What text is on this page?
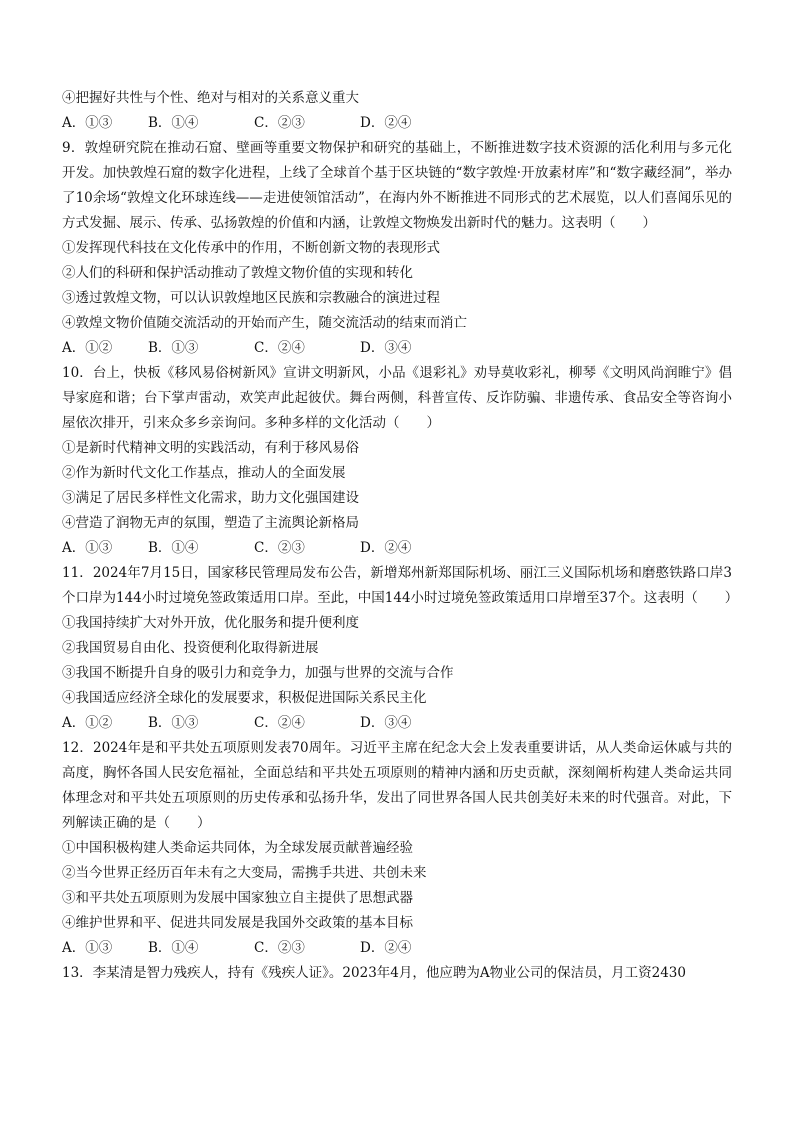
④把握好共性与个性、绝对与相对的关系意义重大
A．①③	B．①④	C．②③	D．②④
9．敦煌研究院在推动石窟、壁画等重要文物保护和研究的基础上，不断推进数字技术资源的活化利用与多元化开发。加快敦煌石窟的数字化进程，上线了全球首个基于区块链的“数字敦煌·开放素材库”和“数字藏经洞”，举办了10余场“敦煌文化环球连线——走进使领馆活动”，在海内外不断推进不同形式的艺术展览，以人们喜闻乐见的方式发掘、展示、传承、弘扬敦煌的价值和内涵，让敦煌文物焕发出新时代的魅力。这表明（　　）
①发挥现代科技在文化传承中的作用，不断创新文物的表现形式
②人们的科研和保护活动推动了敦煌文物价值的实现和转化
③透过敦煌文物，可以认识敦煌地区民族和宗教融合的演进过程
④敦煌文物价值随交流活动的开始而产生，随交流活动的结束而消亡
A．①②	B．①③	C．②④	D．③④
10．台上，快板《移风易俗树新风》宣讲文明新风，小品《退彩礼》劝导莫收彩礼，柳琴《文明风尚润睢宁》倡导家庭和谐；台下掌声雷动，欢笑声此起彼伏。舞台两侧，科普宣传、反诈防骗、非遗传承、食品安全等咨询小屋依次排开，引来众多乡亲询问。多种多样的文化活动（　　）
①是新时代精神文明的实践活动，有利于移风易俗
②作为新时代文化工作基点，推动人的全面发展
③满足了居民多样性文化需求，助力文化强国建设
④营造了润物无声的氛围，塑造了主流舆论新格局
A．①③	B．①④	C．②③	D．②④
11．2024年7月15日，国家移民管理局发布公告，新增郑州新郑国际机场、丽江三义国际机场和磨憨铁路口岸3个口岸为144小时过境免签政策适用口岸。至此，中国144小时过境免签政策适用口岸增至37个。这表明（　　）
①我国持续扩大对外开放，优化服务和提升便利度
②我国贸易自由化、投资便利化取得新进展
③我国不断提升自身的吸引力和竞争力，加强与世界的交流与合作
④我国适应经济全球化的发展要求，积极促进国际关系民主化
A．①②	B．①③	C．②④	D．③④
12．2024年是和平共处五项原则发表70周年。习近平主席在纪念大会上发表重要讲话，从人类命运休戚与共的高度，胸怀各国人民安危福祉，全面总结和平共处五项原则的精神内涵和历史贡献，深刻阐析构建人类命运共同体理念对和平共处五项原则的历史传承和弘扬升华，发出了同世界各国人民共创美好未来的时代强音。对此，下列解读正确的是（　　）
①中国积极构建人类命运共同体，为全球发展贡献普遍经验
②当今世界正经历百年未有之大变局，需携手共进、共创未来
③和平共处五项原则为发展中国家独立自主提供了思想武器
④维护世界和平、促进共同发展是我国外交政策的基本目标
A．①③	B．①④	C．②③	D．②④
13．李某清是智力残疾人，持有《残疾人证》。2023年4月，他应聘为A物业公司的保洁员，月工资2430
